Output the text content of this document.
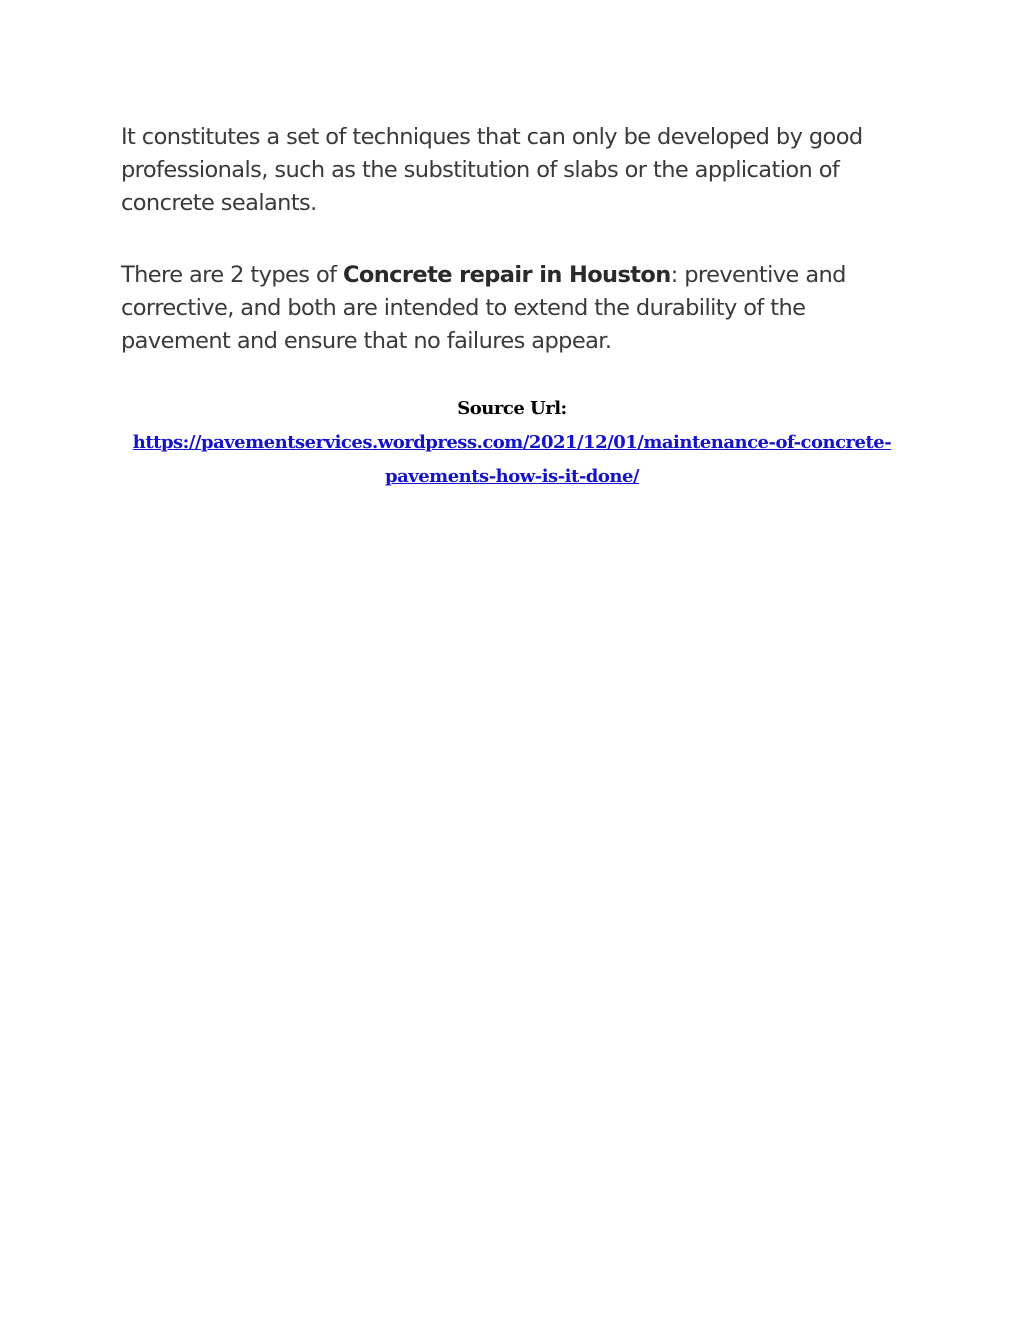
It constitutes a set of techniques that can only be developed by good professionals, such as the substitution of slabs or the application of concrete sealants.

There are 2 types of Concrete repair in Houston: preventive and corrective, and both are intended to extend the durability of the pavement and ensure that no failures appear.

Source Url:
https://pavementservices.wordpress.com/2021/12/01/maintenance-of-concrete-pavements-how-is-it-done/
